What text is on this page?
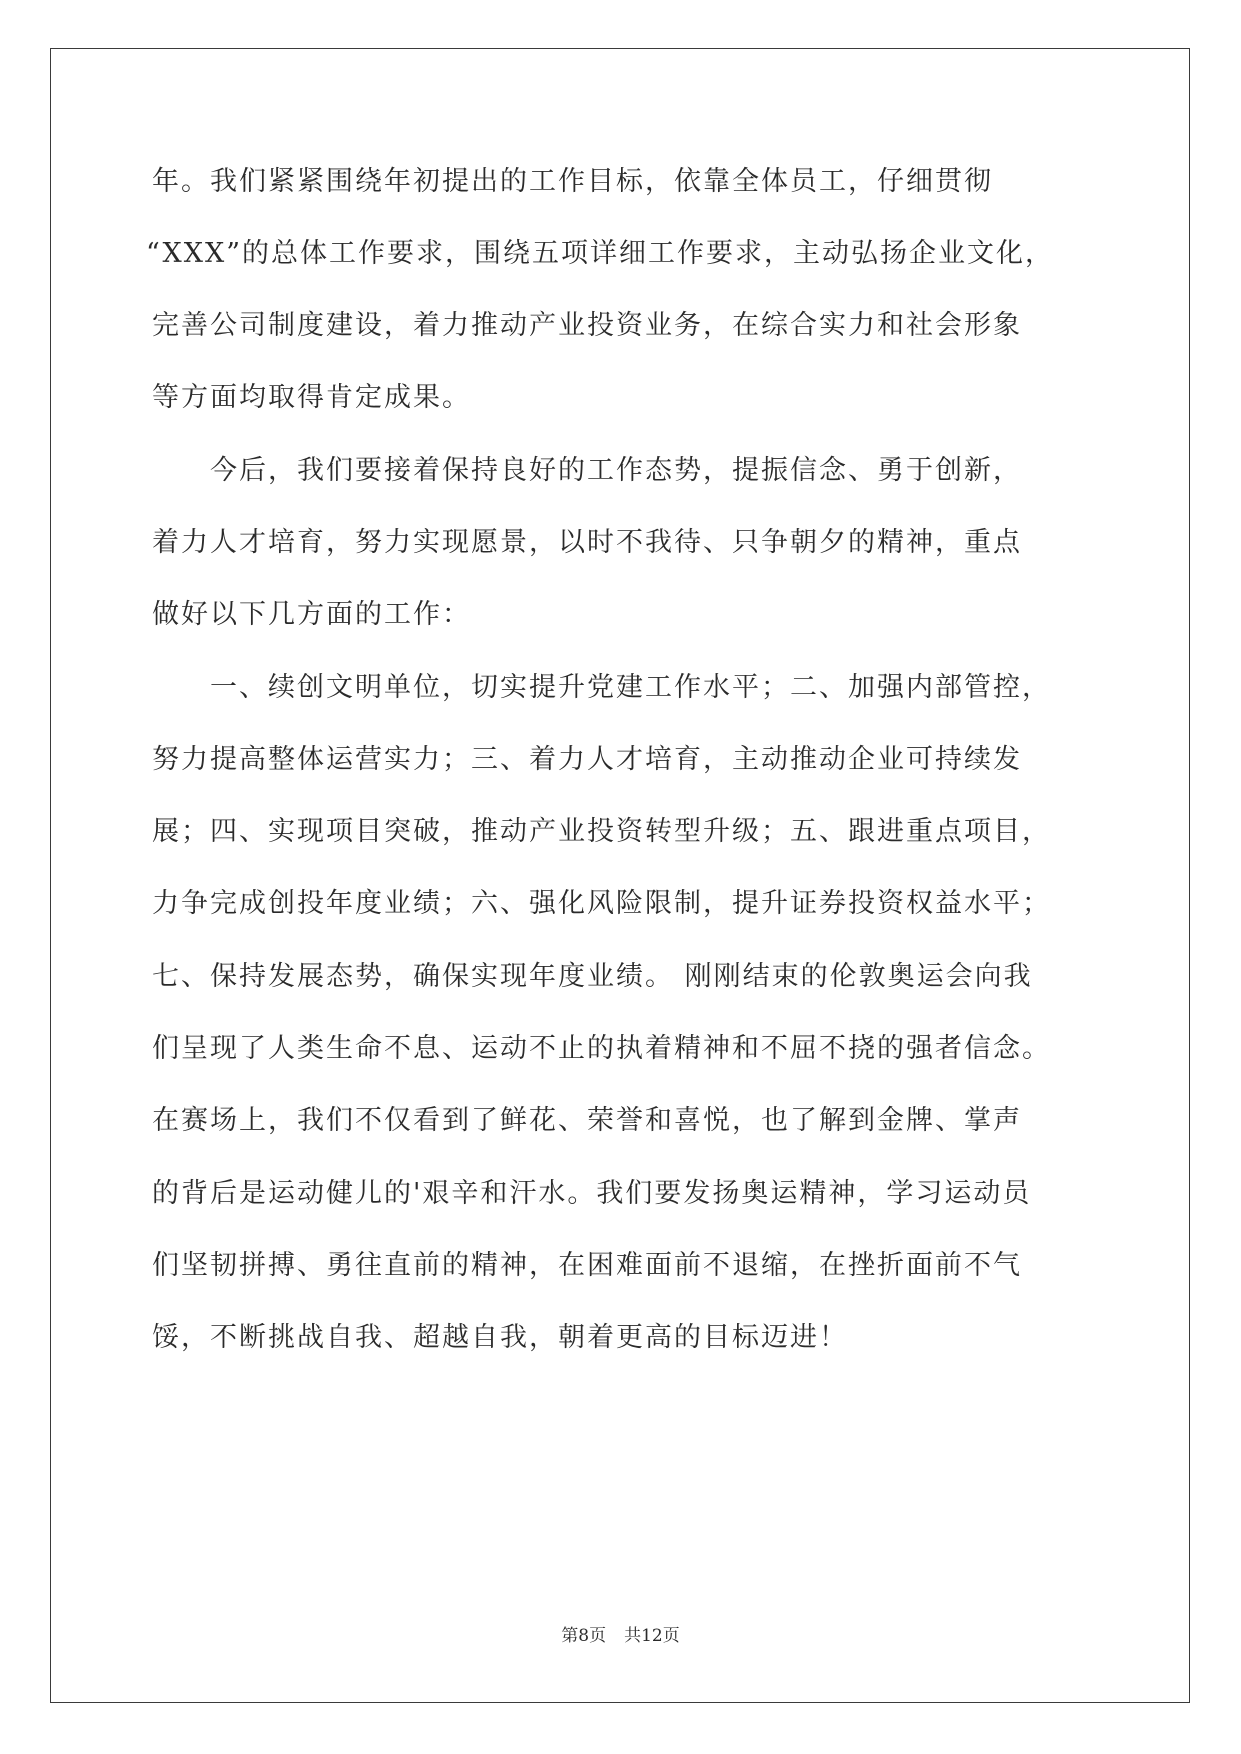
年。我们紧紧围绕年初提出的工作目标，依靠全体员工，仔细贯彻
“XXX”的总体工作要求，围绕五项详细工作要求，主动弘扬企业文化，
完善公司制度建设，着力推动产业投资业务，在综合实力和社会形象
等方面均取得肯定成果。
今后，我们要接着保持良好的工作态势，提振信念、勇于创新，
着力人才培育，努力实现愿景，以时不我待、只争朝夕的精神，重点
做好以下几方面的工作：
一、续创文明单位，切实提升党建工作水平；二、加强内部管控，
努力提高整体运营实力；三、着力人才培育，主动推动企业可持续发
展；四、实现项目突破，推动产业投资转型升级；五、跟进重点项目，
力争完成创投年度业绩；六、强化风险限制，提升证券投资权益水平；
七、保持发展态势，确保实现年度业绩。 刚刚结束的伦敦奥运会向我
们呈现了人类生命不息、运动不止的执着精神和不屈不挠的强者信念。
在赛场上，我们不仅看到了鲜花、荣誉和喜悦，也了解到金牌、掌声
的背后是运动健儿的'艰辛和汗水。我们要发扬奥运精神，学习运动员
们坚韧拼搏、勇往直前的精神，在困难面前不退缩，在挫折面前不气
馁，不断挑战自我、超越自我，朝着更高的目标迈进！
第8页 共12页
